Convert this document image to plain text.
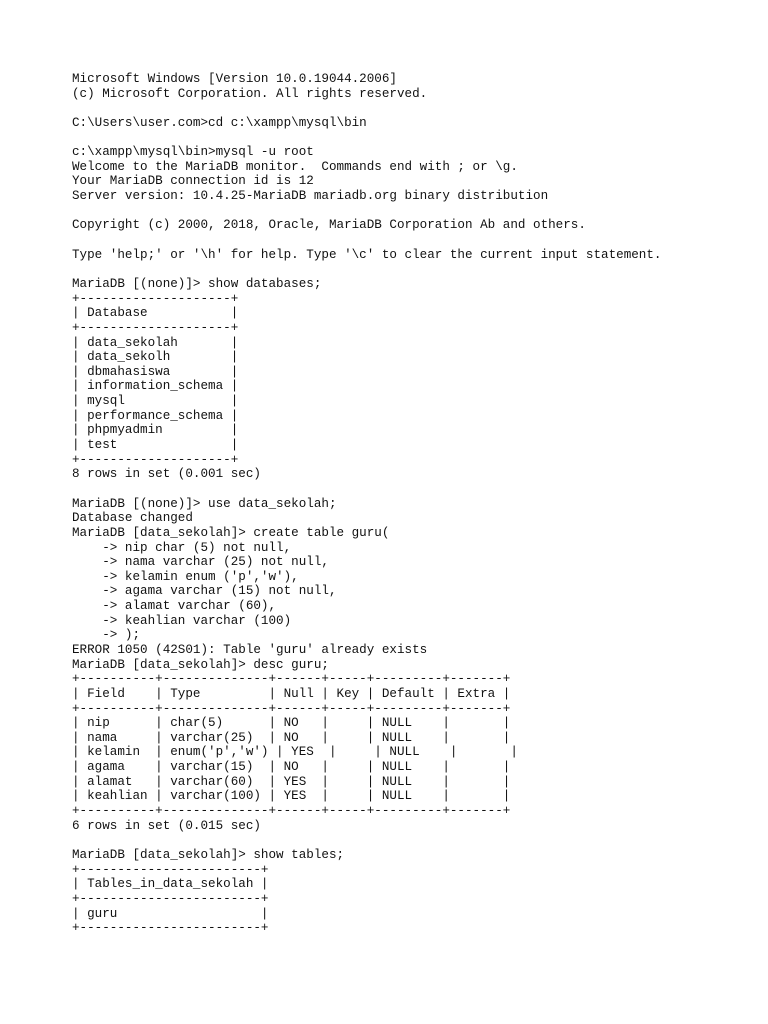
Microsoft Windows [Version 10.0.19044.2006]
(c) Microsoft Corporation. All rights reserved.
C:\Users\user.com>cd c:\xampp\mysql\bin
c:\xampp\mysql\bin>mysql -u root
Welcome to the MariaDB monitor.  Commands end with ; or \g.
Your MariaDB connection id is 12
Server version: 10.4.25-MariaDB mariadb.org binary distribution
Copyright (c) 2000, 2018, Oracle, MariaDB Corporation Ab and others.
Type 'help;' or '\h' for help. Type '\c' to clear the current input statement.
MariaDB [(none)]> show databases;
+--------------------+
| Database           |
+--------------------+
| data_sekolah       |
| data_sekolh        |
| dbmahasiswa        |
| information_schema |
| mysql              |
| performance_schema |
| phpmyadmin         |
| test               |
+--------------------+
8 rows in set (0.001 sec)
MariaDB [(none)]> use data_sekolah;
Database changed
MariaDB [data_sekolah]> create table guru(
-> nip char (5) not null,
-> nama varchar (25) not null,
-> kelamin enum ('p','w'),
-> agama varchar (15) not null,
-> alamat varchar (60),
-> keahlian varchar (100)
-> );
ERROR 1050 (42S01): Table 'guru' already exists
MariaDB [data_sekolah]> desc guru;
+----------+--------------+------+-----+---------+-------+
| Field    | Type         | Null | Key | Default | Extra |
+----------+--------------+------+-----+---------+-------+
| nip      | char(5)      | NO   |     | NULL    |       |
| nama     | varchar(25)  | NO   |     | NULL    |       |
| kelamin  | enum('p','w') | YES  |     | NULL    |       |
| agama    | varchar(15)  | NO   |     | NULL    |       |
| alamat   | varchar(60)  | YES  |     | NULL    |       |
| keahlian | varchar(100) | YES  |     | NULL    |       |
+----------+--------------+------+-----+---------+-------+
6 rows in set (0.015 sec)
MariaDB [data_sekolah]> show tables;
+------------------------+
| Tables_in_data_sekolah |
+------------------------+
| guru                   |
+------------------------+
